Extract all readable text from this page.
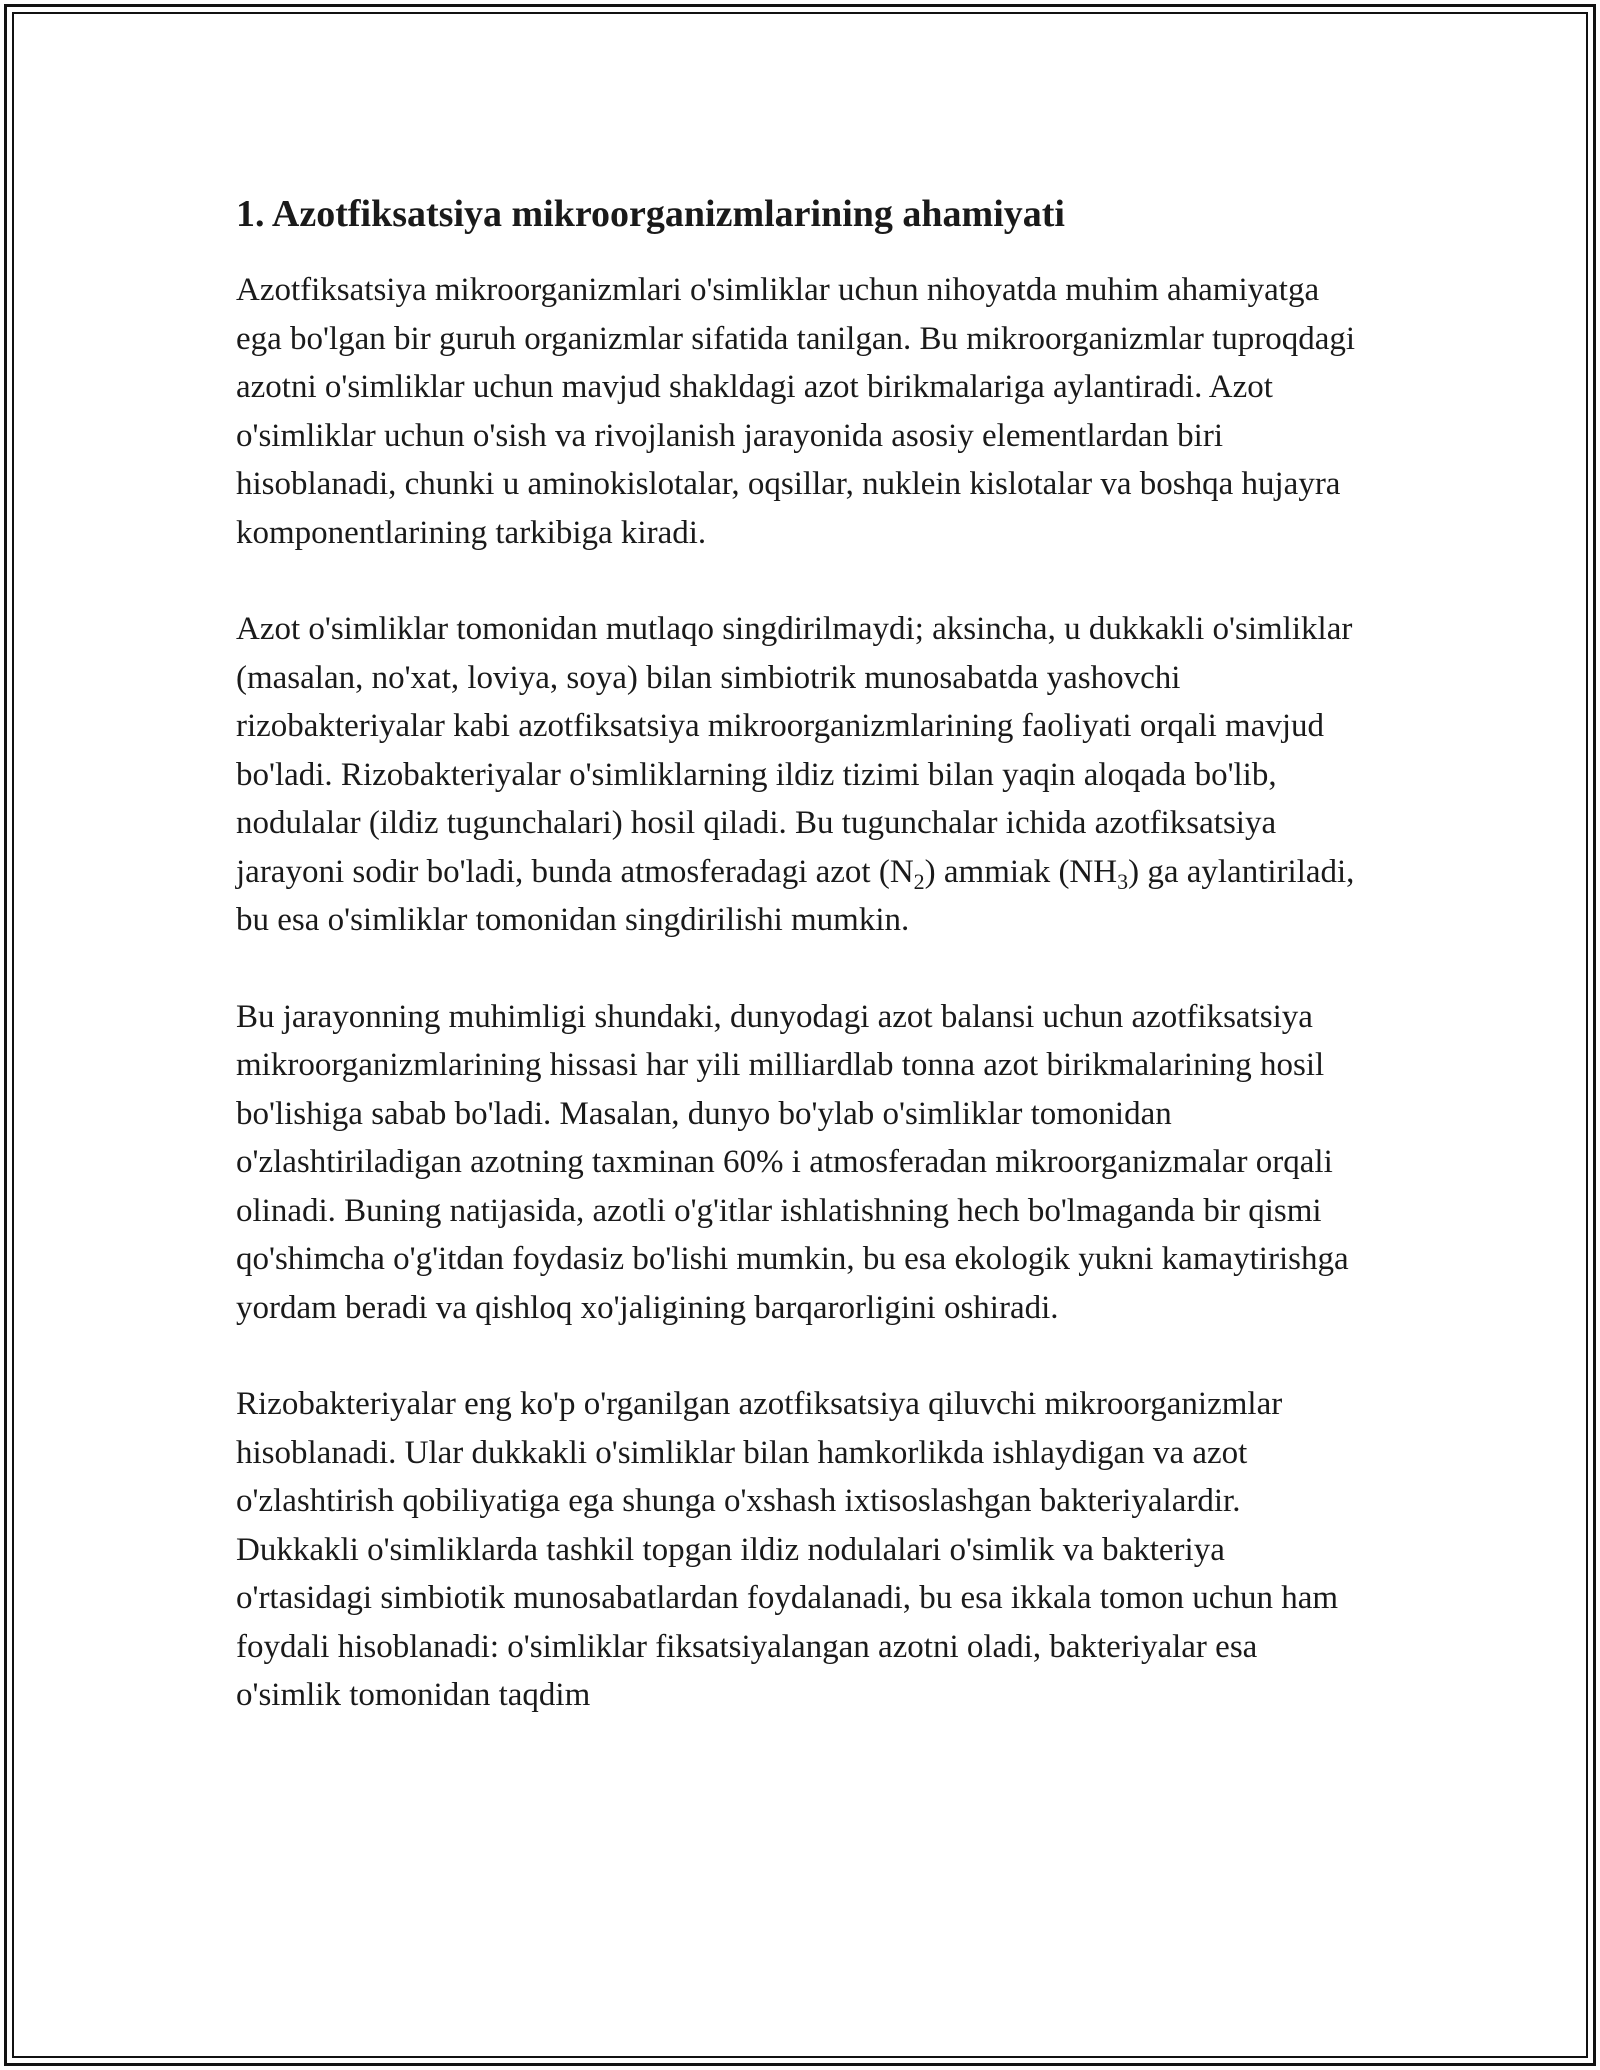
1. Azotfiksatsiya mikroorganizmlarining ahamiyati

Azotfiksatsiya mikroorganizmlari o'simliklar uchun nihoyatda muhim ahamiyatga ega bo'lgan bir guruh organizmlar sifatida tanilgan. Bu mikroorganizmlar tuproqdagi azotni o'simliklar uchun mavjud shakldagi azot birikmalariga aylantiradi. Azot o'simliklar uchun o'sish va rivojlanish jarayonida asosiy elementlardan biri hisoblanadi, chunki u aminokislotalar, oqsillar, nuklein kislotalar va boshqa hujayra komponentlarining tarkibiga kiradi.

Azot o'simliklar tomonidan mutlaqo singdirilmaydi; aksincha, u dukkakli o'simliklar (masalan, no'xat, loviya, soya) bilan simbiotrik munosabatda yashovchi rizobakteriyalar kabi azotfiksatsiya mikroorganizmlarining faoliyati orqali mavjud bo'ladi. Rizobakteriyalar o'simliklarning ildiz tizimi bilan yaqin aloqada bo'lib, nodulalar (ildiz tugunchalari) hosil qiladi. Bu tugunchalar ichida azotfiksatsiya jarayoni sodir bo'ladi, bunda atmosferadagi azot $(N_2)$ ammiak $(NH_3)$ ga aylantiriladi, bu esa o'simliklar tomonidan singdirilishi mumkin.

Bu jarayonning muhimligi shundaki, dunyodagi azot balansi uchun azotfiksatsiya mikroorganizmlarining hissasi har yili milliardlab tonna azot birikmalarining hosil bo'lishiga sabab bo'ladi. Masalan, dunyo bo'ylab o'simliklar tomonidan o'zlashtiriladigan azotning taxminan 60% i atmosferadan mikroorganizmalar orqali olinadi. Buning natijasida, azotli o'g'itlar ishlatishning hech bo'lmaganda bir qismi qo'shimcha o'g'itdan foydasiz bo'lishi mumkin, bu esa ekologik yukni kamaytirishga yordam beradi va qishloq xo'jaligining barqarorligini oshiradi.

Rizobakteriyalar eng ko'p o'rganilgan azotfiksatsiya qiluvchi mikroorganizmlar hisoblanadi. Ular dukkakli o'simliklar bilan hamkorlikda ishlaydigan va azot o'zlashtirish qobiliyatiga ega shunga o'xshash ixtisoslashgan bakteriyalardir. Dukkakli o'simliklarda tashkil topgan ildiz nodulalari o'simlik va bakteriya o'rtasidagi simbiotik munosabatlardan foydalanadi, bu esa ikkala tomon uchun ham foydali hisoblanadi: o'simliklar fiksatsiyalangan azotni oladi, bakteriyalar esa o'simlik tomonidan taqdim
